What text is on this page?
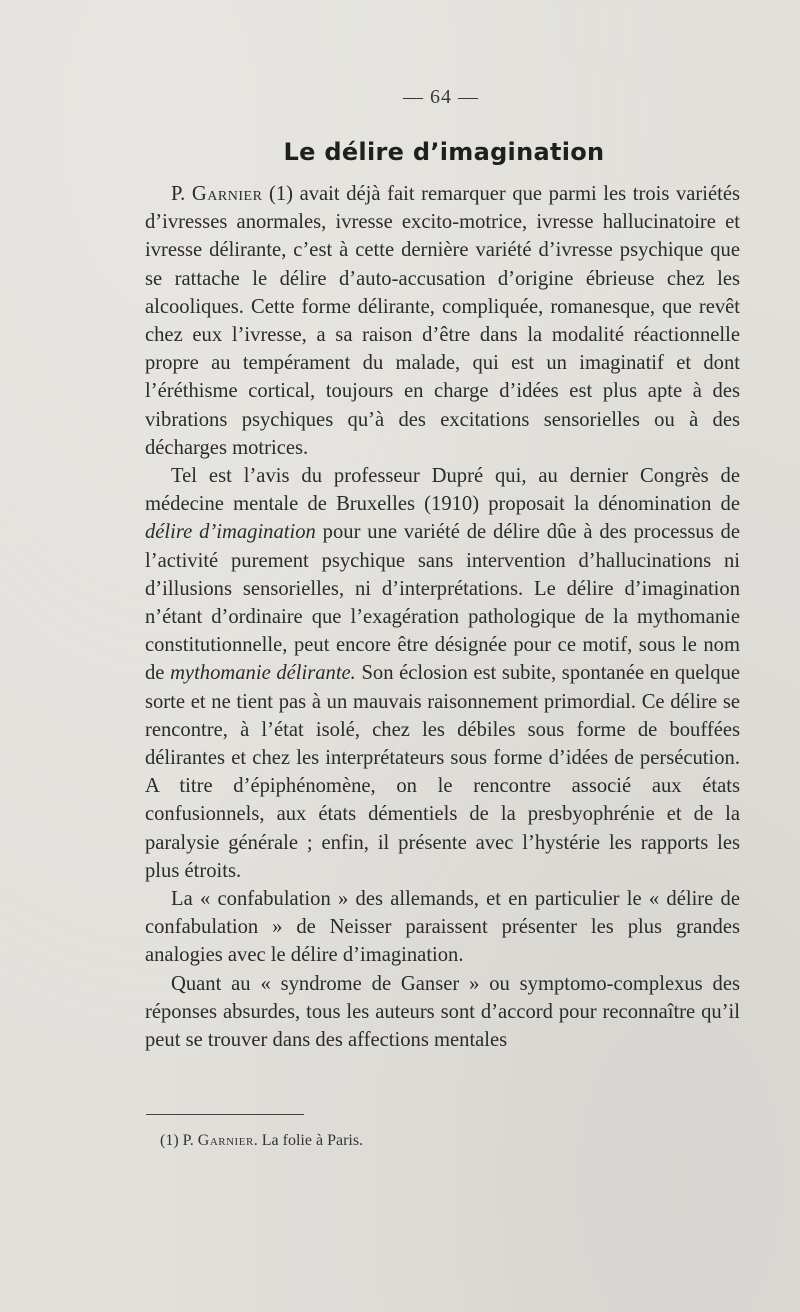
— 64 —
Le délire d’imagination

P. Garnier (1) avait déjà fait remarquer que parmi les trois variétés d’ivresses anormales, ivresse excito-motrice, ivresse hallucinatoire et ivresse délirante, c’est à cette dernière variété d’ivresse psychique que se rattache le délire d’auto-accusation d’origine ébrieuse chez les alcooliques. Cette forme délirante, compliquée, romanesque, que revêt chez eux l’ivresse, a sa raison d’être dans la modalité réactionnelle propre au tempérament du malade, qui est un imaginatif et dont l’éréthisme cortical, toujours en charge d’idées est plus apte à des vibrations psychiques qu’à des excitations sensorielles ou à des décharges motrices.

Tel est l’avis du professeur Dupré qui, au dernier Congrès de médecine mentale de Bruxelles (1910) proposait la dénomination de délire d’imagination pour une variété de délire dûe à des processus de l’activité purement psychique sans intervention d’hallucinations ni d’illusions sensorielles, ni d’interprétations. Le délire d’imagination n’étant d’ordinaire que l’exagération pathologique de la mythomanie constitutionnelle, peut encore être désignée pour ce motif, sous le nom de mythomanie délirante. Son éclosion est subite, spontanée en quelque sorte et ne tient pas à un mauvais raisonnement primordial. Ce délire se rencontre, à l’état isolé, chez les débiles sous forme de bouffées délirantes et chez les interprétateurs sous forme d’idées de persécution. A titre d’épiphénomène, on le rencontre associé aux états confusionnels, aux états démentiels de la presbyophrénie et de la paralysie générale ; enfin, il présente avec l’hystérie les rapports les plus étroits.

La « confabulation » des allemands, et en particulier le « délire de confabulation » de Neisser paraissent présenter les plus grandes analogies avec le délire d’imagination.

Quant au « syndrome de Ganser » ou symptomo-complexus des réponses absurdes, tous les auteurs sont d’accord pour reconnaître qu’il peut se trouver dans des affections mentales

(1) P. Garnier. La folie à Paris.
